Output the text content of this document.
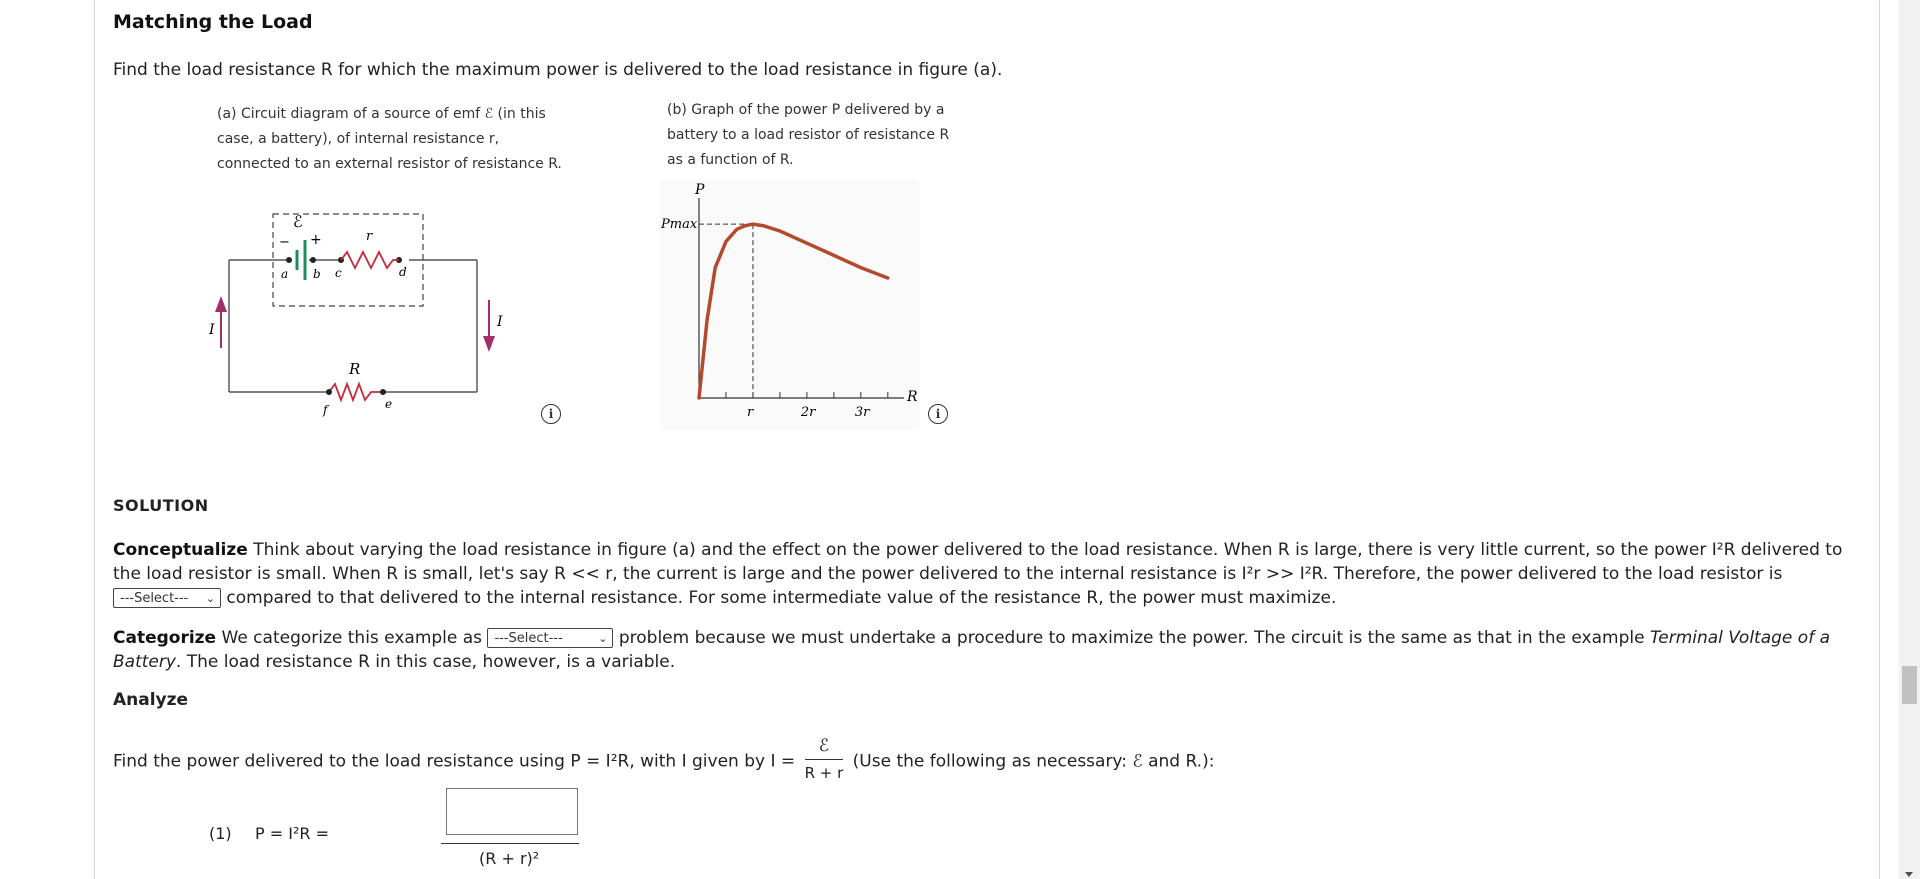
Matching the Load
Find the load resistance R for which the maximum power is delivered to the load resistance in figure (a).
(a) Circuit diagram of a source of emf ℰ (in this case, a battery), of internal resistance r, connected to an external resistor of resistance R.
(b) Graph of the power P delivered by a battery to a load resistor of resistance R as a function of R.
ℰ
− +	r
a b c	d
I	I
R
f	e
i	r	2r	3r
P
Pmax
R
i
SOLUTION
Conceptualize Think about varying the load resistance in figure (a) and the effect on the power delivered to the load resistance. When R is large, there is very little current, so the power I²R delivered to the load resistor is small. When R is small, let's say R << r, the current is large and the power delivered to the internal resistance is I²r >> I²R. Therefore, the power delivered to the load resistor is ---Select--- ⌄ compared to that delivered to the internal resistance. For some intermediate value of the resistance R, the power must maximize.
Categorize We categorize this example as ---Select---	⌄ problem because we must undertake a procedure to maximize the power. The circuit is the same as that in the example Terminal Voltage of a Battery. The load resistance R in this case, however, is a variable.
Analyze
Find the power delivered to the load resistance using P = I²R, with I given by $I = \frac{\text{ℰ}}{R + r} (Use$ the following as necessary: ℰ and R.):
(1) P = I²R =
(R + r)²
